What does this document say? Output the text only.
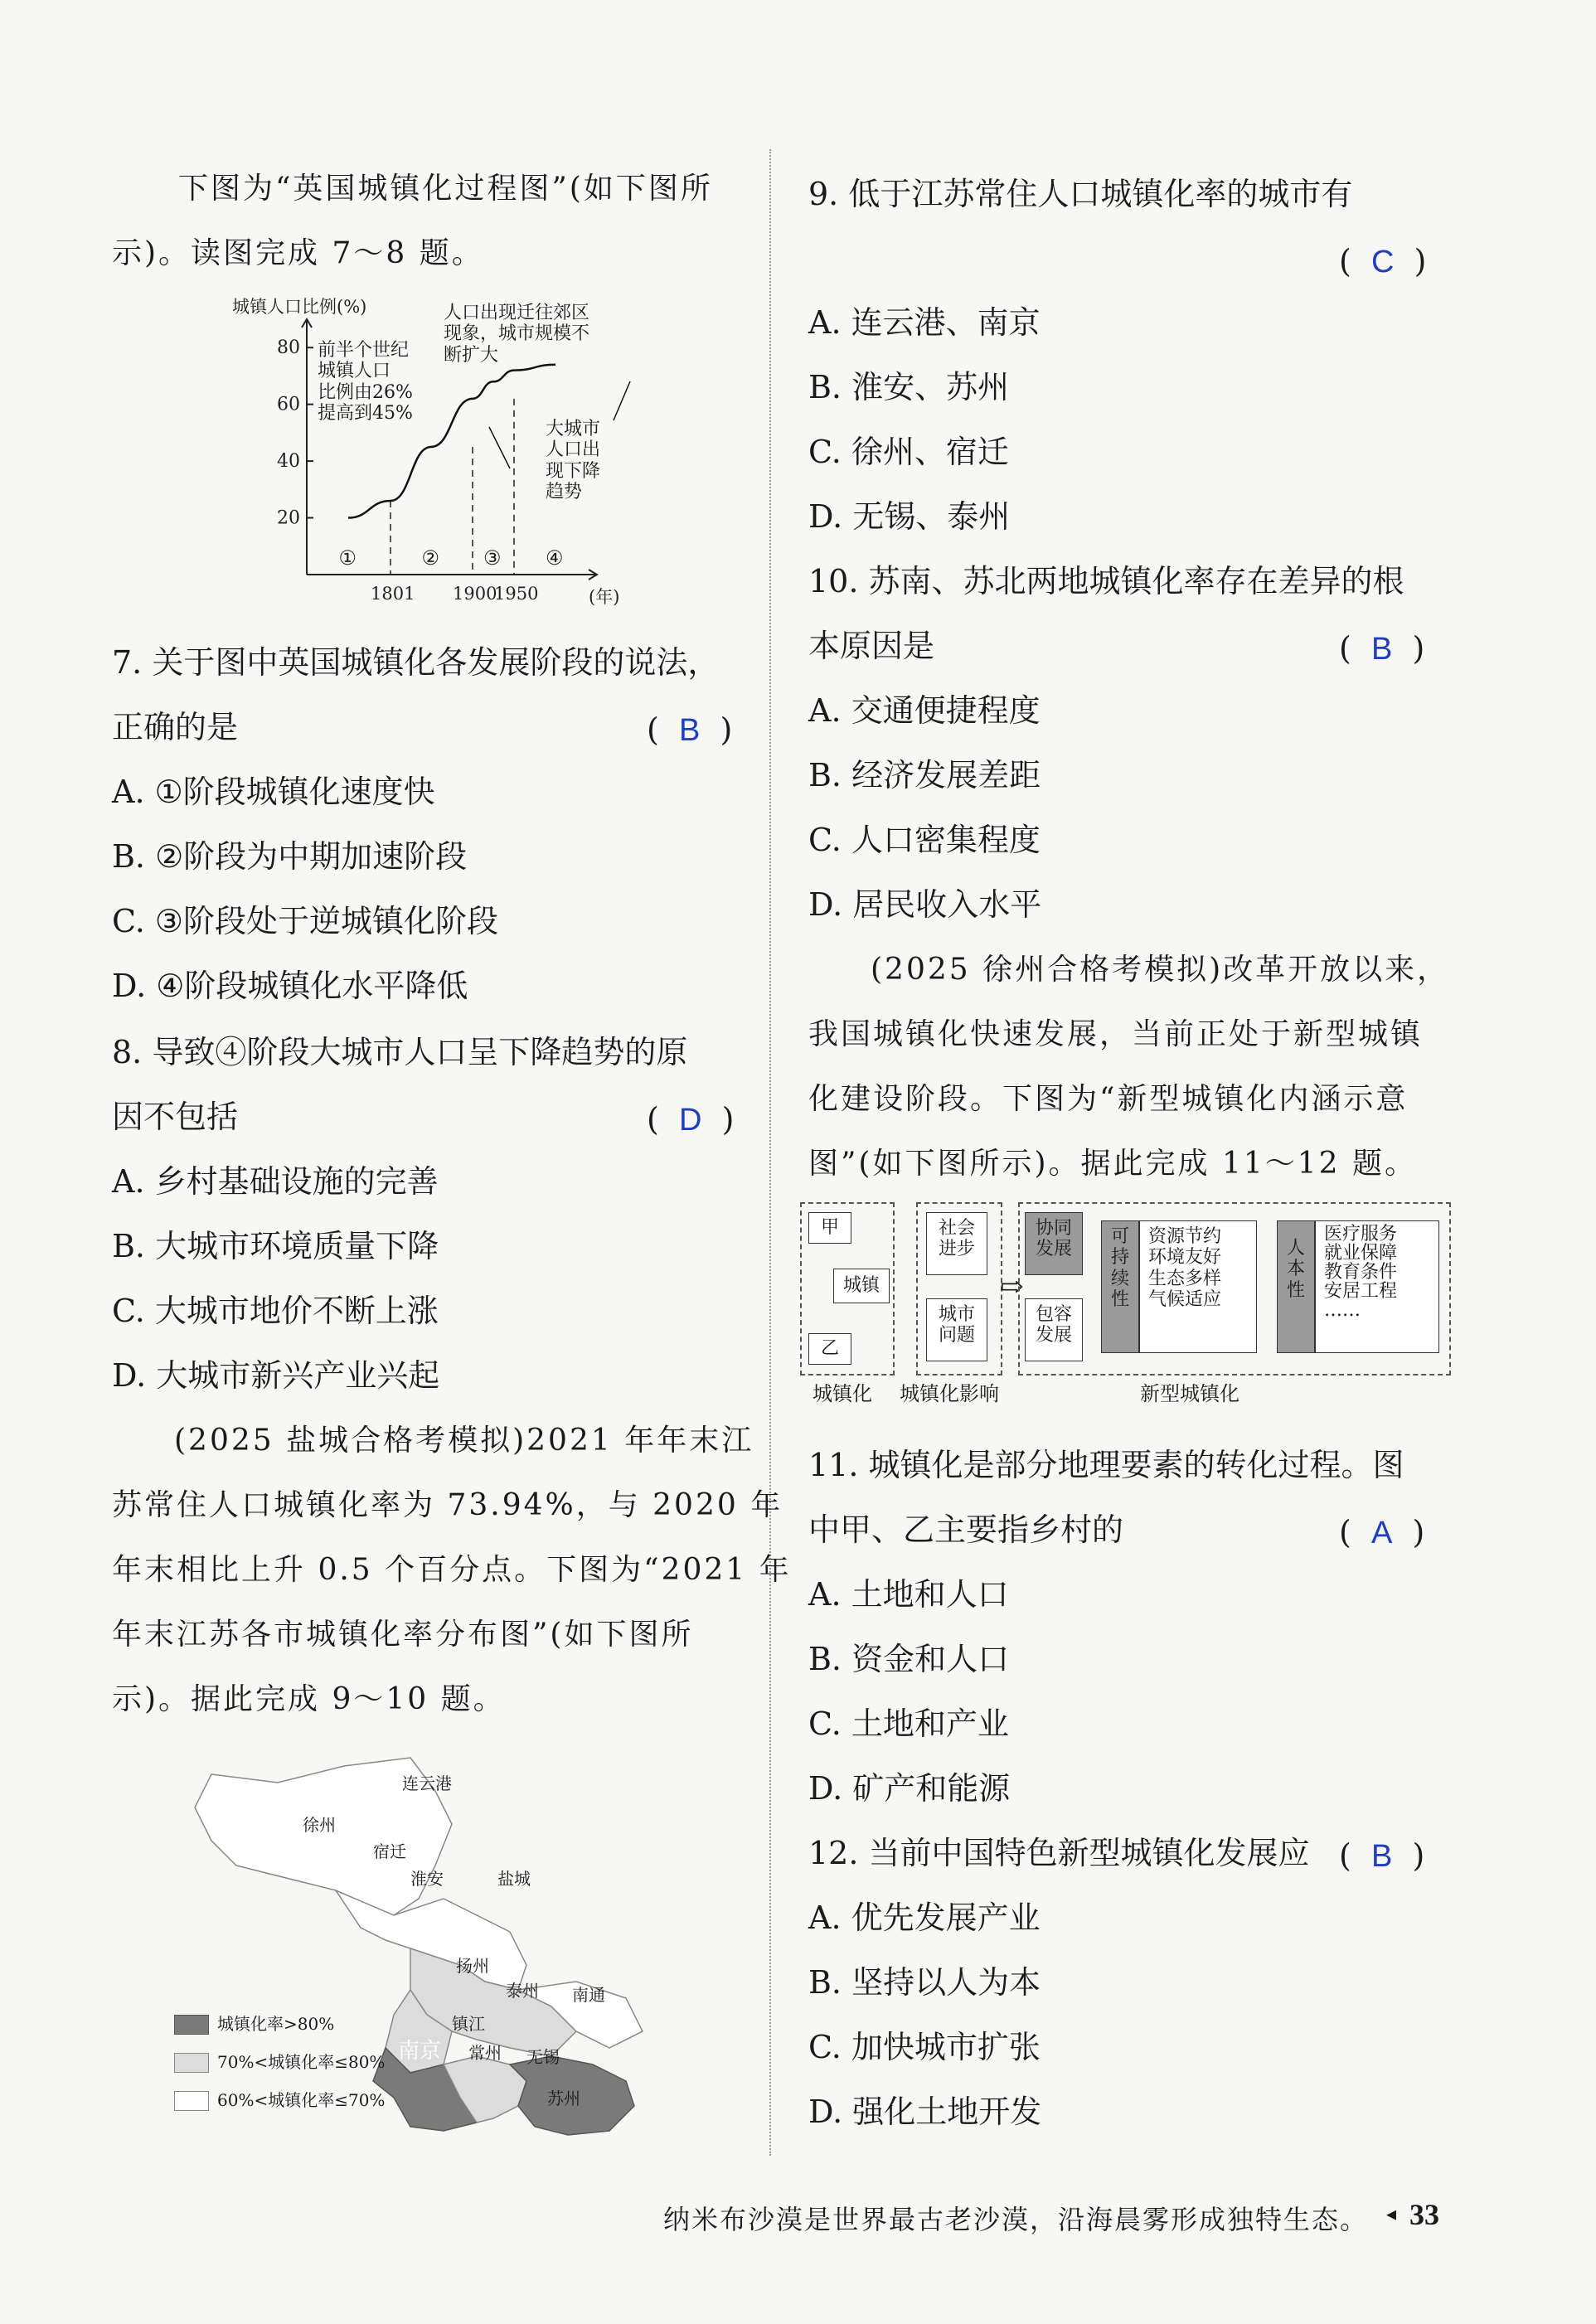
下图为“英国城镇化过程图”(如下图所
示)。读图完成 7～8 题。
城镇人口比例(%)
80
60
40
20
1801 1900
1950	(年)
①	② ③ ④
前半个世纪
城镇人口
比例由26%
提高到45%
人口出现迁往郊区
现象，城市规模不
断扩大
大城市
人口出
现下降
趋势
7. 关于图中英国城镇化各发展阶段的说法，
正确的是	(  B  )
A. ①阶段城镇化速度快
B. ②阶段为中期加速阶段
C. ③阶段处于逆城镇化阶段
D. ④阶段城镇化水平降低
8. 导致④阶段大城市人口呈下降趋势的原
因不包括	(  D  )
A. 乡村基础设施的完善
B. 大城市环境质量下降
C. 大城市地价不断上涨
D. 大城市新兴产业兴起
(2025 盐城合格考模拟)2021 年年末江
苏常住人口城镇化率为 73.94%，与 2020 年
年末相比上升 0.5 个百分点。下图为“2021 年
年末江苏各市城镇化率分布图”(如下图所
示)。据此完成 9～10 题。
连云港
徐州
宿迁
淮安	盐城
扬州
泰州 南通
镇江
南京 常州 无锡
苏州
城镇化率>80%
70%<城镇化率≤80%
60%<城镇化率≤70%
9. 低于江苏常住人口城镇化率的城市有
(  C  )
A. 连云港、南京
B. 淮安、苏州
C. 徐州、宿迁
D. 无锡、泰州
10. 苏南、苏北两地城镇化率存在差异的根
本原因是	(  B  )
A. 交通便捷程度
B. 经济发展差距
C. 人口密集程度
D. 居民收入水平
(2025 徐州合格考模拟)改革开放以来，
我国城镇化快速发展，当前正处于新型城镇
化建设阶段。下图为“新型城镇化内涵示意
图”(如下图所示)。据此完成 11～12 题。
甲
城镇
乙
社会
进步
城市
问题
⇨
协同
发展
包容
发展
可
持
续
性
资源节约
环境友好
生态多样
气候适应
人
本
性
医疗服务
就业保障
教育条件
安居工程
……
城镇化 城镇化影响	新型城镇化
11. 城镇化是部分地理要素的转化过程。图
中甲、乙主要指乡村的	(  A  )
A. 土地和人口
B. 资金和人口
C. 土地和产业
D. 矿产和能源
12. 当前中国特色新型城镇化发展应 (  B  )
A. 优先发展产业
B. 坚持以人为本
C. 加快城市扩张
D. 强化土地开发
纳米布沙漠是世界最古老沙漠，沿海晨雾形成独特生态。 ◂ 33
